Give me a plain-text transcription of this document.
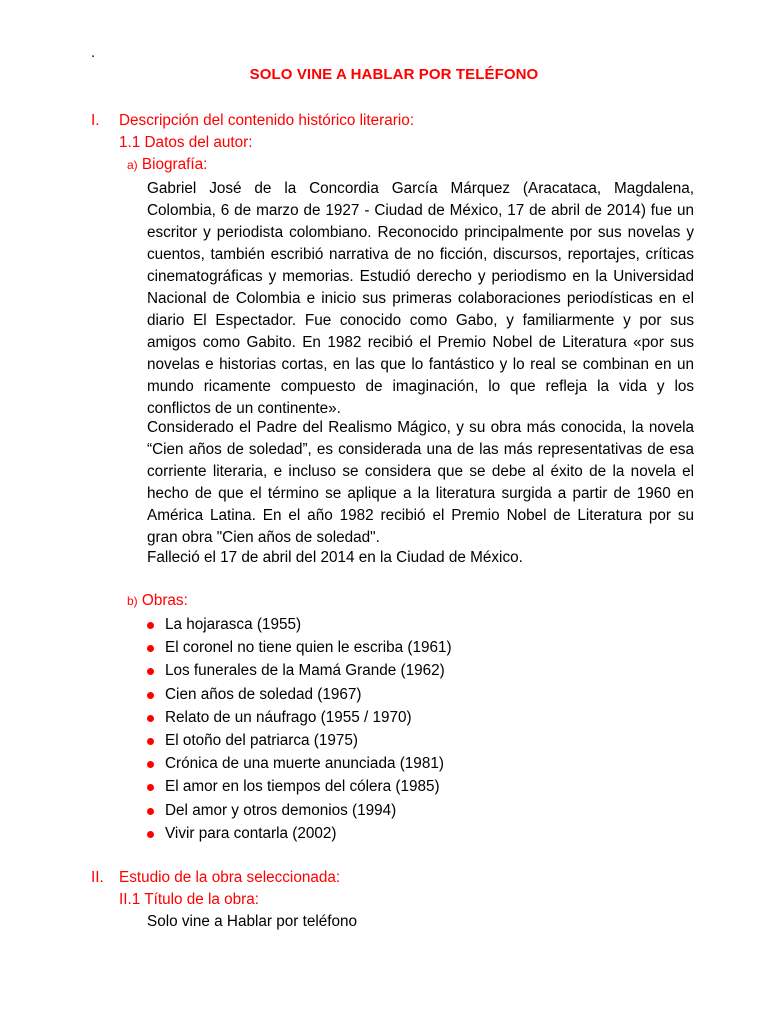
.
SOLO VINE A HABLAR POR TELÉFONO
I. Descripción del contenido histórico literario:
1.1 Datos del autor:
a) Biografía:

Gabriel José de la Concordia García Márquez (Aracataca, Magdalena, Colombia, 6 de marzo de 1927 - Ciudad de México, 17 de abril de 2014) fue un escritor y periodista colombiano. Reconocido principalmente por sus novelas y cuentos, también escribió narrativa de no ficción, discursos, reportajes, críticas cinematográficas y memorias. Estudió derecho y periodismo en la Universidad Nacional de Colombia e inicio sus primeras colaboraciones periodísticas en el diario El Espectador. Fue conocido como Gabo, y familiarmente y por sus amigos como Gabito. En 1982 recibió el Premio Nobel de Literatura «por sus novelas e historias cortas, en las que lo fantástico y lo real se combinan en un mundo ricamente compuesto de imaginación, lo que refleja la vida y los conflictos de un continente».

Considerado el Padre del Realismo Mágico, y su obra más conocida, la novela “Cien años de soledad”, es considerada una de las más representativas de esa corriente literaria, e incluso se considera que se debe al éxito de la novela el hecho de que el término se aplique a la literatura surgida a partir de 1960 en América Latina. En el año 1982 recibió el Premio Nobel de Literatura por su gran obra "Cien años de soledad".

Falleció el 17 de abril del 2014 en la Ciudad de México.

b) Obras:
La hojarasca (1955)
El coronel no tiene quien le escriba (1961)
Los funerales de la Mamá Grande (1962)
Cien años de soledad (1967)
Relato de un náufrago (1955 / 1970)
El otoño del patriarca (1975)
Crónica de una muerte anunciada (1981)
El amor en los tiempos del cólera (1985)
Del amor y otros demonios (1994)
Vivir para contarla (2002)
II. Estudio de la obra seleccionada:
II.1 Título de la obra:
Solo vine a Hablar por teléfono
